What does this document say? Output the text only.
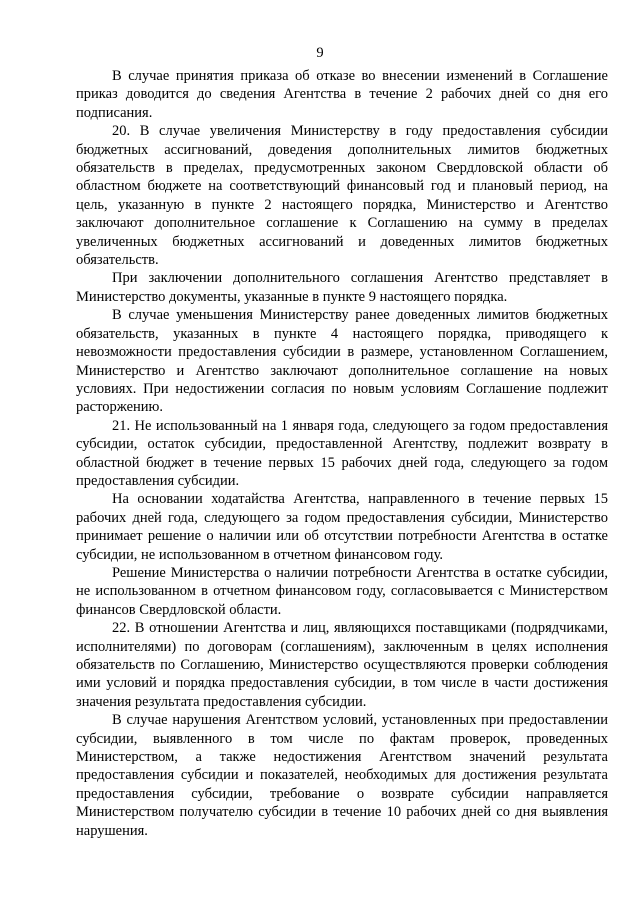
9

В случае принятия приказа об отказе во внесении изменений в Соглашение приказ доводится до сведения Агентства в течение 2 рабочих дней со дня его подписания.

20. В случае увеличения Министерству в году предоставления субсидии бюджетных ассигнований, доведения дополнительных лимитов бюджетных обязательств в пределах, предусмотренных законом Свердловской области об областном бюджете на соответствующий финансовый год и плановый период, на цель, указанную в пункте 2 настоящего порядка, Министерство и Агентство заключают дополнительное соглашение к Соглашению на сумму в пределах увеличенных бюджетных ассигнований и доведенных лимитов бюджетных обязательств.

При заключении дополнительного соглашения Агентство представляет в Министерство документы, указанные в пункте 9 настоящего порядка.

В случае уменьшения Министерству ранее доведенных лимитов бюджетных обязательств, указанных в пункте 4 настоящего порядка, приводящего к невозможности предоставления субсидии в размере, установленном Соглашением, Министерство и Агентство заключают дополнительное соглашение на новых условиях. При недостижении согласия по новым условиям Соглашение подлежит расторжению.

21. Не использованный на 1 января года, следующего за годом предоставления субсидии, остаток субсидии, предоставленной Агентству, подлежит возврату в областной бюджет в течение первых 15 рабочих дней года, следующего за годом предоставления субсидии.

На основании ходатайства Агентства, направленного в течение первых 15 рабочих дней года, следующего за годом предоставления субсидии, Министерство принимает решение о наличии или об отсутствии потребности Агентства в остатке субсидии, не использованном в отчетном финансовом году.

Решение Министерства о наличии потребности Агентства в остатке субсидии, не использованном в отчетном финансовом году, согласовывается с Министерством финансов Свердловской области.

22. В отношении Агентства и лиц, являющихся поставщиками (подрядчиками, исполнителями) по договорам (соглашениям), заключенным в целях исполнения обязательств по Соглашению, Министерство осуществляются проверки соблюдения ими условий и порядка предоставления субсидии, в том числе в части достижения значения результата предоставления субсидии.

В случае нарушения Агентством условий, установленных при предоставлении субсидии, выявленного в том числе по фактам проверок, проведенных Министерством, а также недостижения Агентством значений результата предоставления субсидии и показателей, необходимых для достижения результата предоставления субсидии, требование о возврате субсидии направляется Министерством получателю субсидии в течение 10 рабочих дней со дня выявления нарушения.
